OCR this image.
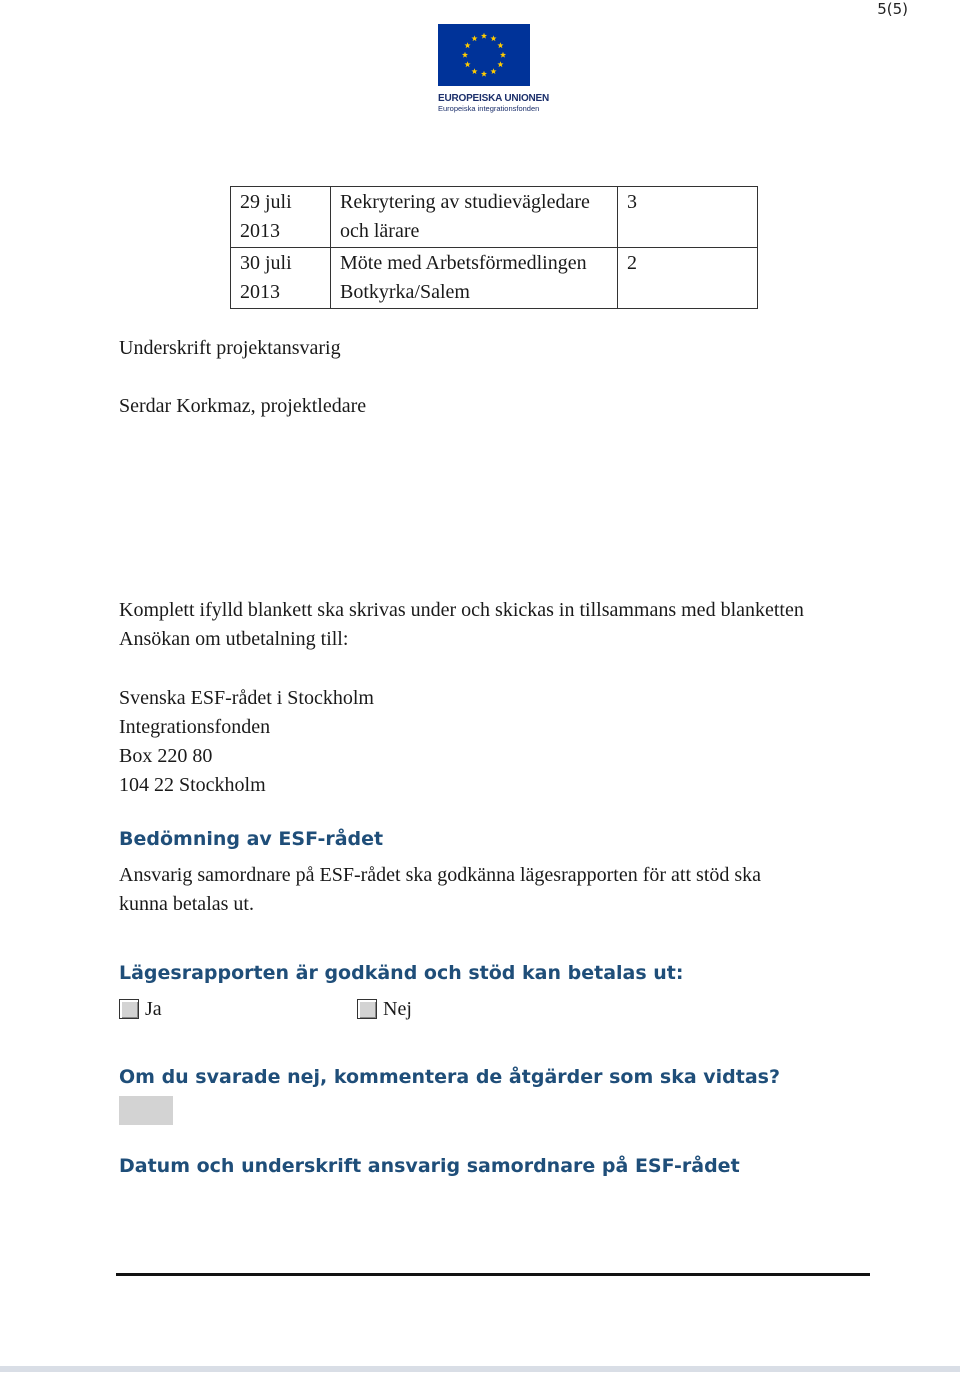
5(5)
EUROPEISKA UNIONEN
Europeiska integrationsfonden
29 juli 2013	Rekrytering av studievägledare och lärare	3
30 juli 2013	Möte med Arbetsförmedlingen Botkyrka/Salem	2

Underskrift projektansvarig

Serdar Korkmaz, projektledare

Komplett ifylld blankett ska skrivas under och skickas in tillsammans med blanketten

Ansökan om utbetalning till:

Svenska ESF-rådet i Stockholm

Integrationsfonden

Box 220 80

104 22 Stockholm

Bedömning av ESF-rådet

Ansvarig samordnare på ESF-rådet ska godkänna lägesrapporten för att stöd ska

kunna betalas ut.

Lägesrapporten är godkänd och stöd kan betalas ut:
Ja	Nej
Om du svarade nej, kommentera de åtgärder som ska vidtas?
Datum och underskrift ansvarig samordnare på ESF-rådet
